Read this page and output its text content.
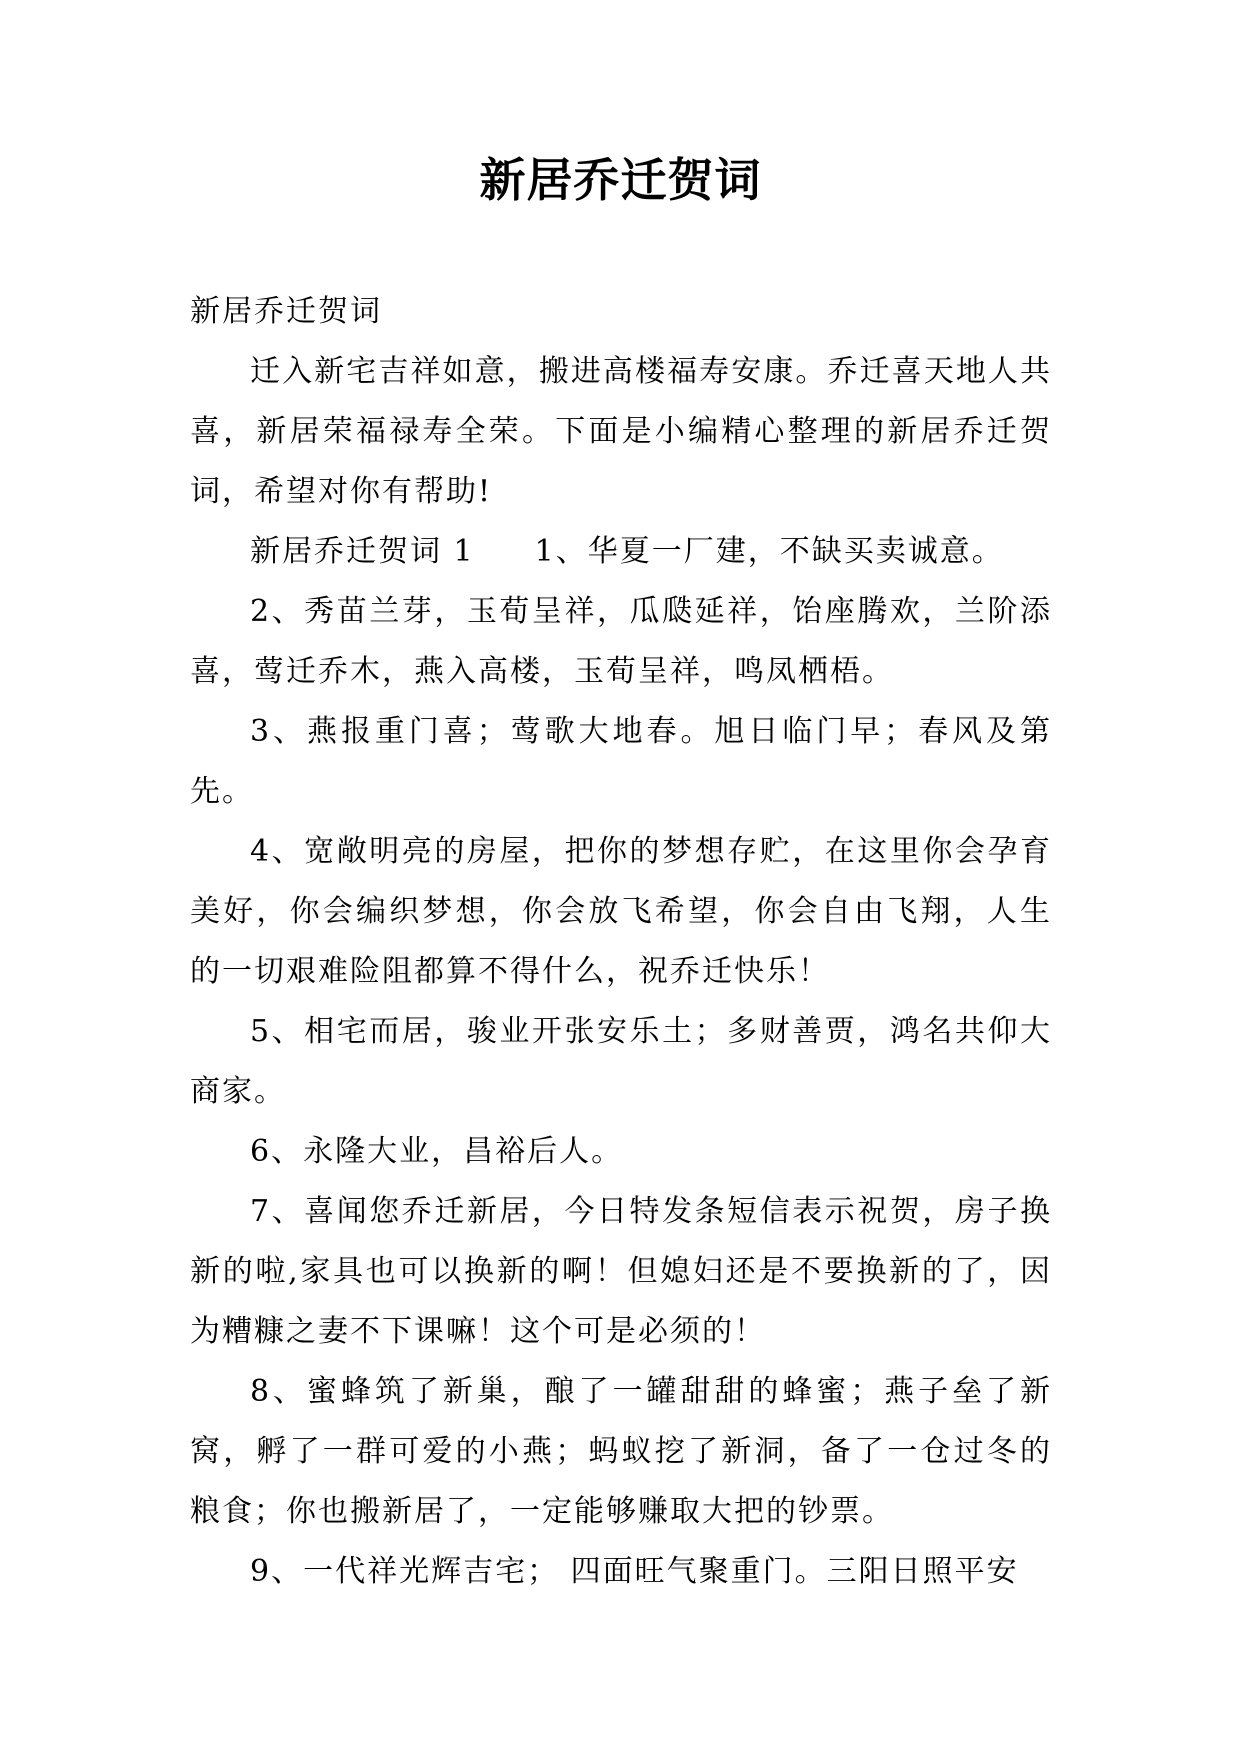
新居乔迁贺词

新居乔迁贺词

迁入新宅吉祥如意，搬进高楼福寿安康。乔迁喜天地人共喜，新居荣福禄寿全荣。下面是小编精心整理的新居乔迁贺词，希望对你有帮助!

新居乔迁贺词 1 1、华夏一厂建，不缺买卖诚意。

2、秀苗兰芽，玉荀呈祥，瓜瓞延祥，饴座腾欢，兰阶添喜，莺迁乔木，燕入高楼，玉荀呈祥，鸣凤栖梧。

3、燕报重门喜；莺歌大地春。旭日临门早；春风及第先。

4、宽敞明亮的房屋，把你的梦想存贮，在这里你会孕育美好，你会编织梦想，你会放飞希望，你会自由飞翔，人生的一切艰难险阻都算不得什么，祝乔迁快乐！

5、相宅而居，骏业开张安乐土；多财善贾，鸿名共仰大商家。

6、永隆大业，昌裕后人。

7、喜闻您乔迁新居，今日特发条短信表示祝贺，房子换新的啦,家具也可以换新的啊！但媳妇还是不要换新的了，因为糟糠之妻不下课嘛！这个可是必须的！

8、蜜蜂筑了新巢，酿了一罐甜甜的蜂蜜；燕子垒了新窝，孵了一群可爱的小燕；蚂蚁挖了新洞，备了一仓过冬的粮食；你也搬新居了，一定能够赚取大把的钞票。

9、一代祥光辉吉宅； 四面旺气聚重门。三阳日照平安
